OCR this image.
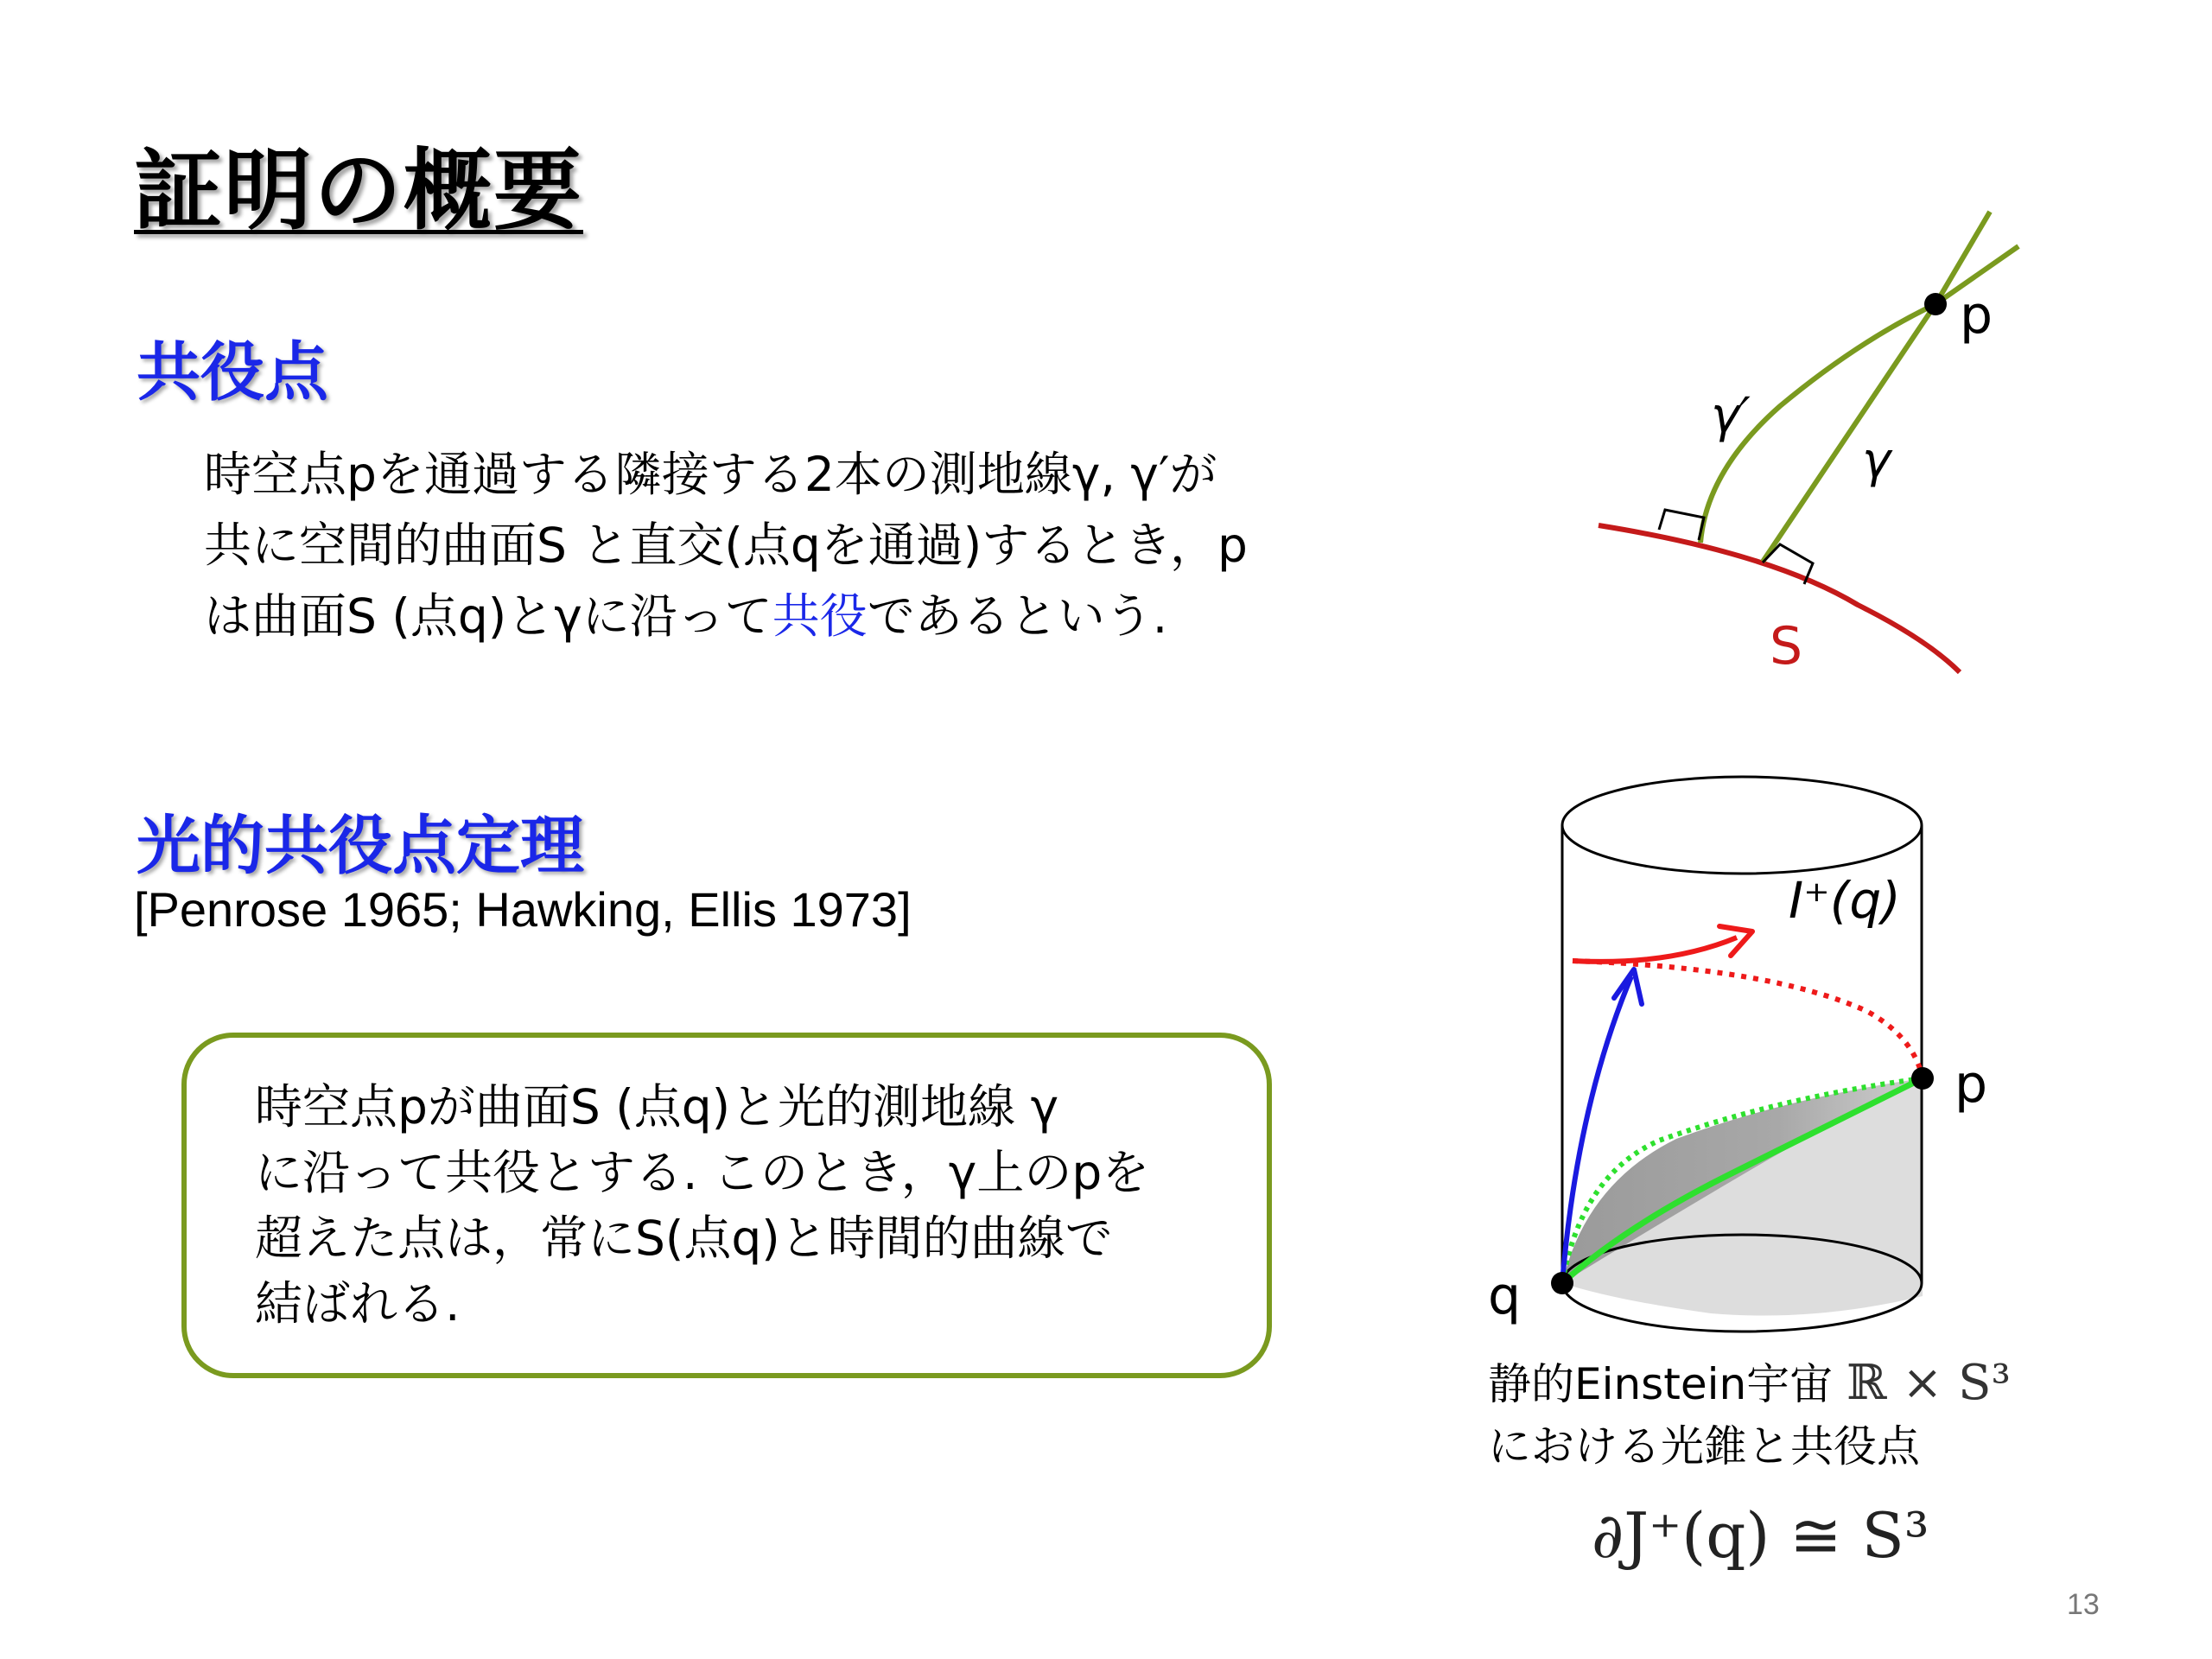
証明の概要
共役点
時空点pを通過する隣接する2本の測地線γ, γ′が
共に空間的曲面S と直交(点qを通過)するとき，p
は曲面S (点q)とγに沿って共役であるという.
光的共役点定理
[Penrose 1965; Hawking, Ellis 1973]
時空点pが曲面S (点q)と光的測地線 γ
に沿って共役とする. このとき，γ上のpを
超えた点は，常にS(点q)と時間的曲線で
結ばれる.
p
γ′
γ
S
p
q
I⁺(q)
静的Einstein宇宙 ℝ × S³
における光錐と共役点
∂J⁺(q) ≅ S³
13
